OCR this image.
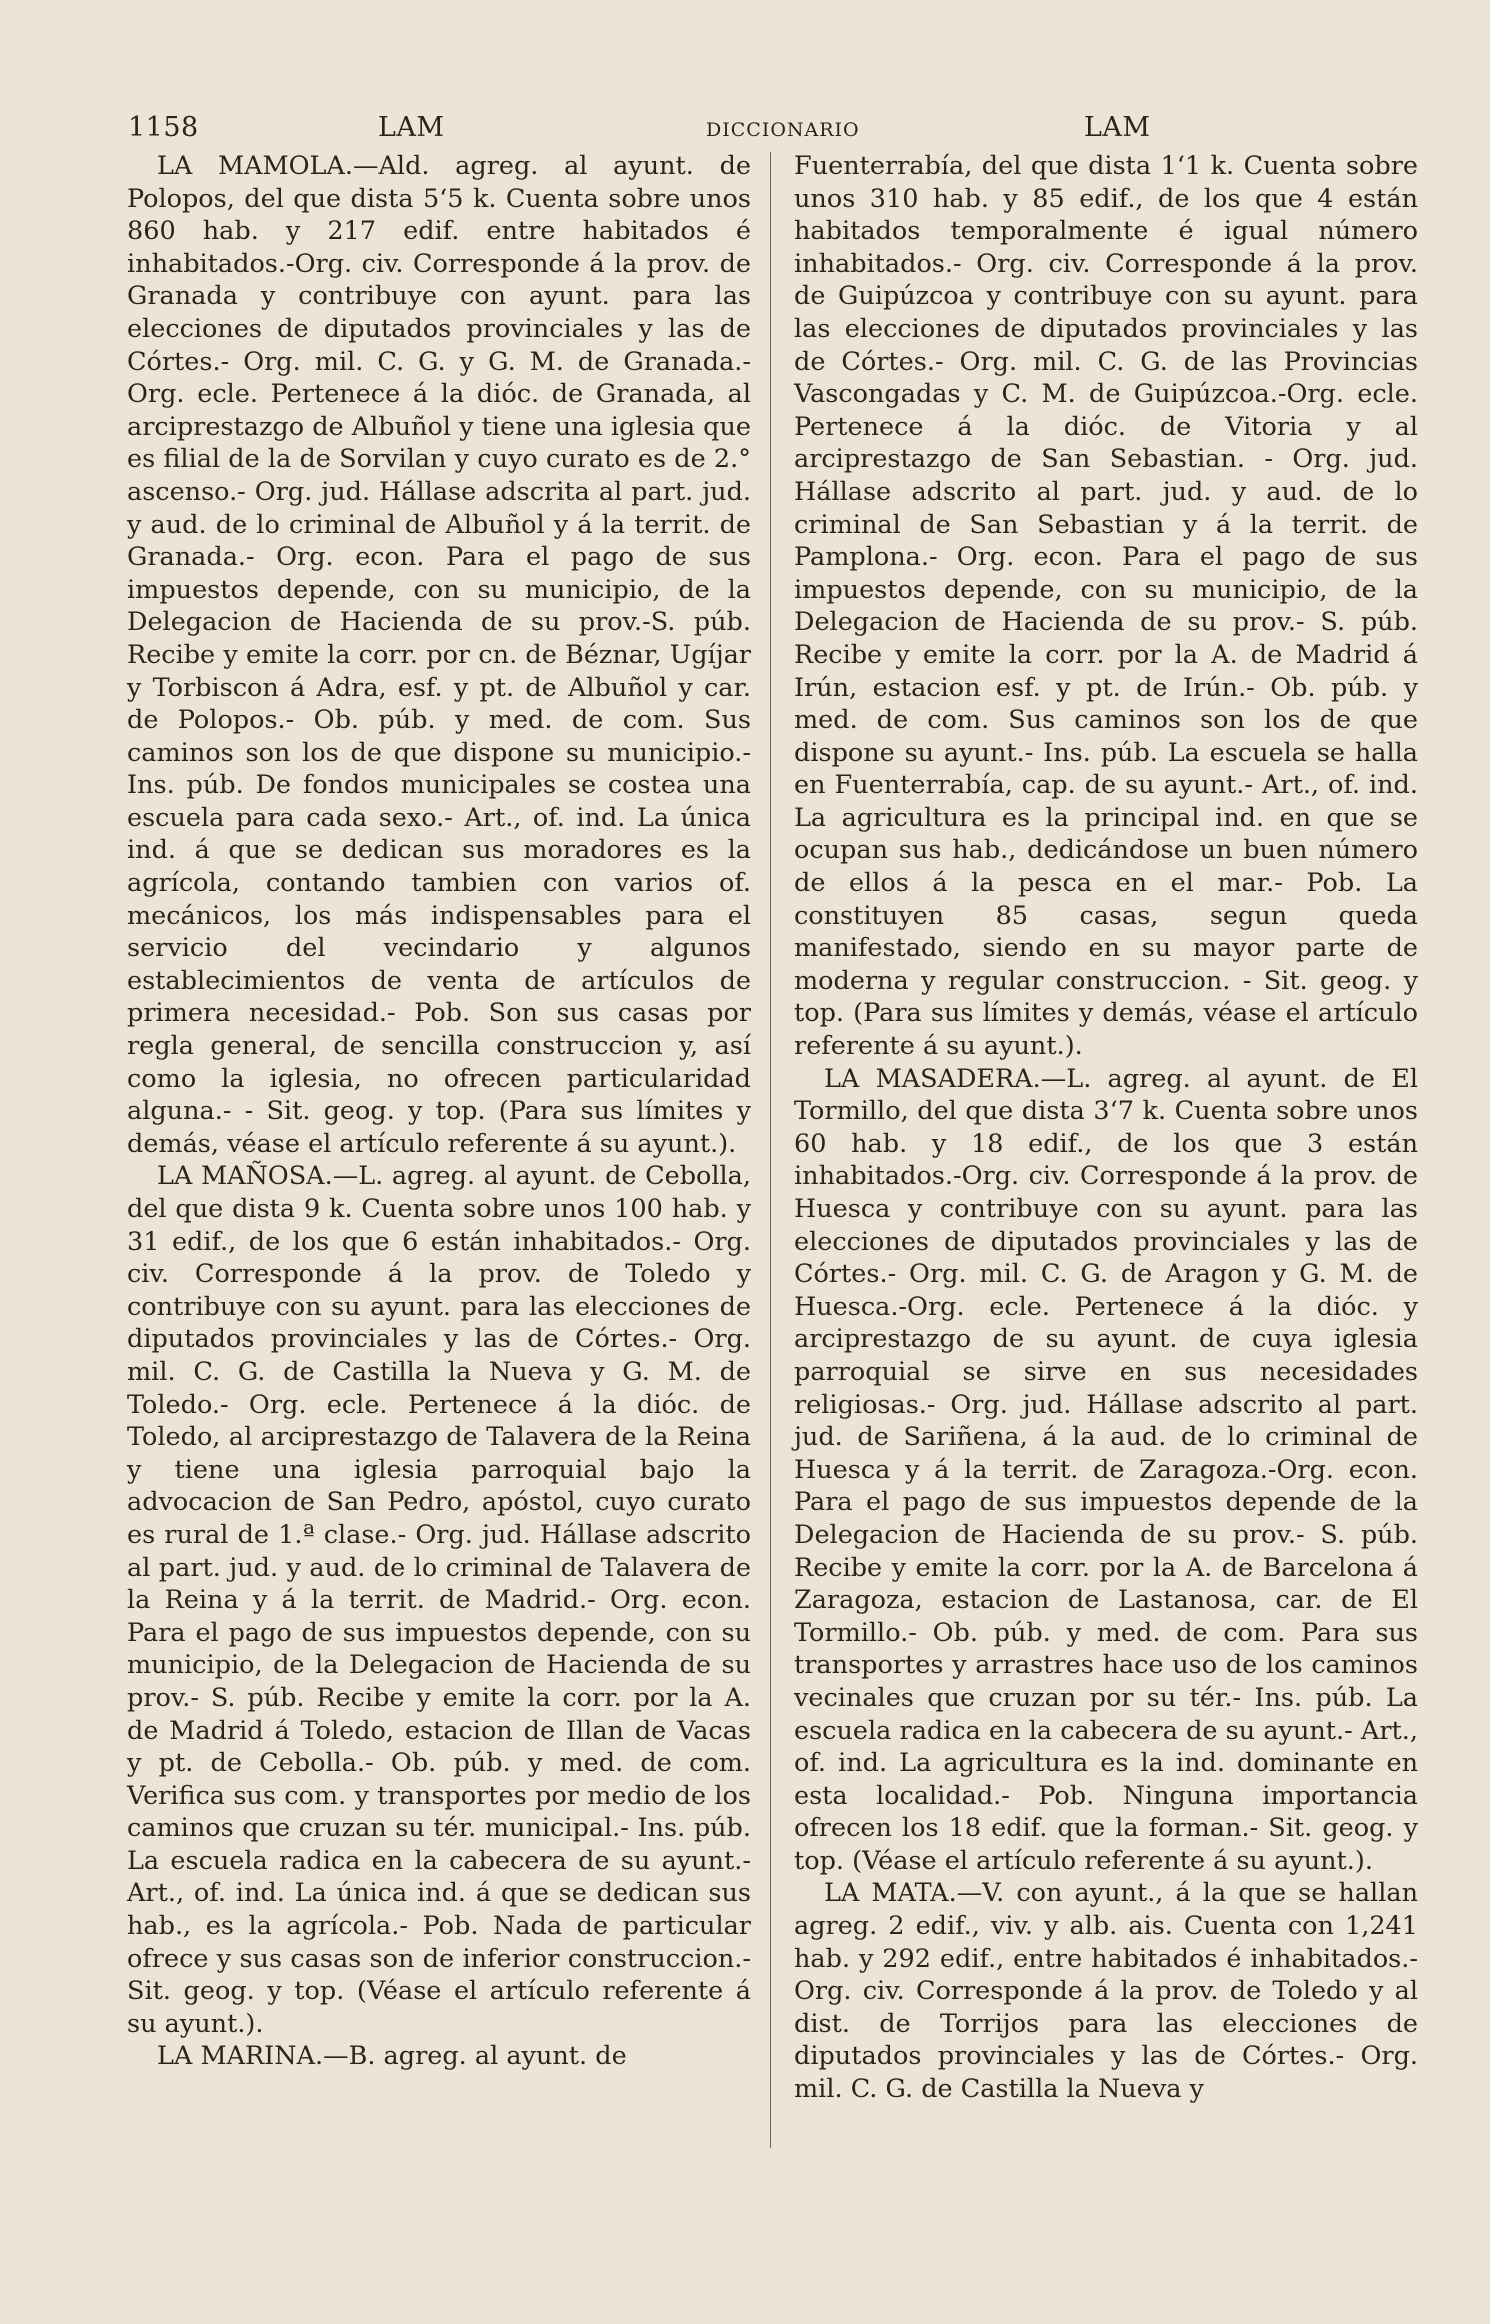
1158	LAM	DICCIONARIO	LAM

LA MAMOLA.—Ald. agreg. al ayunt. de Polopos, del que dista 5‘5 k. Cuenta sobre unos 860 hab. y 217 edif. entre habitados é inhabitados.-Org. civ. Corresponde á la prov. de Granada y contribuye con ayunt. para las elecciones de diputados provinciales y las de Córtes.- Org. mil. C. G. y G. M. de Granada.- Org. ecle. Pertenece á la dióc. de Granada, al arciprestazgo de Albuñol y tiene una iglesia que es filial de la de Sorvilan y cuyo curato es de 2.° ascenso.- Org. jud. Hállase adscrita al part. jud. y aud. de lo criminal de Albuñol y á la territ. de Granada.- Org. econ. Para el pago de sus impuestos depende, con su municipio, de la Delegacion de Hacienda de su prov.-S. púb. Recibe y emite la corr. por cn. de Béznar, Ugíjar y Torbiscon á Adra, esf. y pt. de Albuñol y car. de Polopos.- Ob. púb. y med. de com. Sus caminos son los de que dispone su municipio.- Ins. púb. De fondos municipales se costea una escuela para cada sexo.- Art., of. ind. La única ind. á que se dedican sus moradores es la agrícola, contando tambien con varios of. mecánicos, los más indispensables para el servicio del vecindario y algunos establecimientos de venta de artículos de primera necesidad.- Pob. Son sus casas por regla general, de sencilla construccion y, así como la iglesia, no ofrecen particularidad alguna.- - Sit. geog. y top. (Para sus límites y demás, véase el artículo referente á su ayunt.).

LA MAÑOSA.—L. agreg. al ayunt. de Cebolla, del que dista 9 k. Cuenta sobre unos 100 hab. y 31 edif., de los que 6 están inhabitados.- Org. civ. Corresponde á la prov. de Toledo y contribuye con su ayunt. para las elecciones de diputados provinciales y las de Córtes.- Org. mil. C. G. de Castilla la Nueva y G. M. de Toledo.- Org. ecle. Pertenece á la dióc. de Toledo, al arciprestazgo de Talavera de la Reina y tiene una iglesia parroquial bajo la advocacion de San Pedro, apóstol, cuyo curato es rural de 1.ª clase.- Org. jud. Hállase adscrito al part. jud. y aud. de lo criminal de Talavera de la Reina y á la territ. de Madrid.- Org. econ. Para el pago de sus impuestos depende, con su municipio, de la Delegacion de Hacienda de su prov.- S. púb. Recibe y emite la corr. por la A. de Madrid á Toledo, estacion de Illan de Vacas y pt. de Cebolla.- Ob. púb. y med. de com. Verifica sus com. y transportes por medio de los caminos que cruzan su tér. municipal.- Ins. púb. La escuela radica en la cabecera de su ayunt.- Art., of. ind. La única ind. á que se dedican sus hab., es la agrícola.- Pob. Nada de particular ofrece y sus casas son de inferior construccion.- Sit. geog. y top. (Véase el artículo referente á su ayunt.).

LA MARINA.—B. agreg. al ayunt. de

Fuenterrabía, del que dista 1‘1 k. Cuenta sobre unos 310 hab. y 85 edif., de los que 4 están habitados temporalmente é igual número inhabitados.- Org. civ. Corresponde á la prov. de Guipúzcoa y contribuye con su ayunt. para las elecciones de diputados provinciales y las de Córtes.- Org. mil. C. G. de las Provincias Vascongadas y C. M. de Guipúzcoa.-Org. ecle. Pertenece á la dióc. de Vitoria y al arciprestazgo de San Sebastian. - Org. jud. Hállase adscrito al part. jud. y aud. de lo criminal de San Sebastian y á la territ. de Pamplona.- Org. econ. Para el pago de sus impuestos depende, con su municipio, de la Delegacion de Hacienda de su prov.- S. púb. Recibe y emite la corr. por la A. de Madrid á Irún, estacion esf. y pt. de Irún.- Ob. púb. y med. de com. Sus caminos son los de que dispone su ayunt.- Ins. púb. La escuela se halla en Fuenterrabía, cap. de su ayunt.- Art., of. ind. La agricultura es la principal ind. en que se ocupan sus hab., dedicándose un buen número de ellos á la pesca en el mar.- Pob. La constituyen 85 casas, segun queda manifestado, siendo en su mayor parte de moderna y regular construccion. - Sit. geog. y top. (Para sus límites y demás, véase el artículo referente á su ayunt.).

LA MASADERA.—L. agreg. al ayunt. de El Tormillo, del que dista 3‘7 k. Cuenta sobre unos 60 hab. y 18 edif., de los que 3 están inhabitados.-Org. civ. Corresponde á la prov. de Huesca y contribuye con su ayunt. para las elecciones de diputados provinciales y las de Córtes.- Org. mil. C. G. de Aragon y G. M. de Huesca.-Org. ecle. Pertenece á la dióc. y arciprestazgo de su ayunt. de cuya iglesia parroquial se sirve en sus necesidades religiosas.- Org. jud. Hállase adscrito al part. jud. de Sariñena, á la aud. de lo criminal de Huesca y á la territ. de Zaragoza.-Org. econ. Para el pago de sus impuestos depende de la Delegacion de Hacienda de su prov.- S. púb. Recibe y emite la corr. por la A. de Barcelona á Zaragoza, estacion de Lastanosa, car. de El Tormillo.- Ob. púb. y med. de com. Para sus transportes y arrastres hace uso de los caminos vecinales que cruzan por su tér.- Ins. púb. La escuela radica en la cabecera de su ayunt.- Art., of. ind. La agricultura es la ind. dominante en esta localidad.- Pob. Ninguna importancia ofrecen los 18 edif. que la forman.- Sit. geog. y top. (Véase el artículo referente á su ayunt.).

LA MATA.—V. con ayunt., á la que se hallan agreg. 2 edif., viv. y alb. ais. Cuenta con 1,241 hab. y 292 edif., entre habitados é inhabitados.-Org. civ. Corresponde á la prov. de Toledo y al dist. de Torrijos para las elecciones de diputados provinciales y las de Córtes.- Org. mil. C. G. de Castilla la Nueva y
